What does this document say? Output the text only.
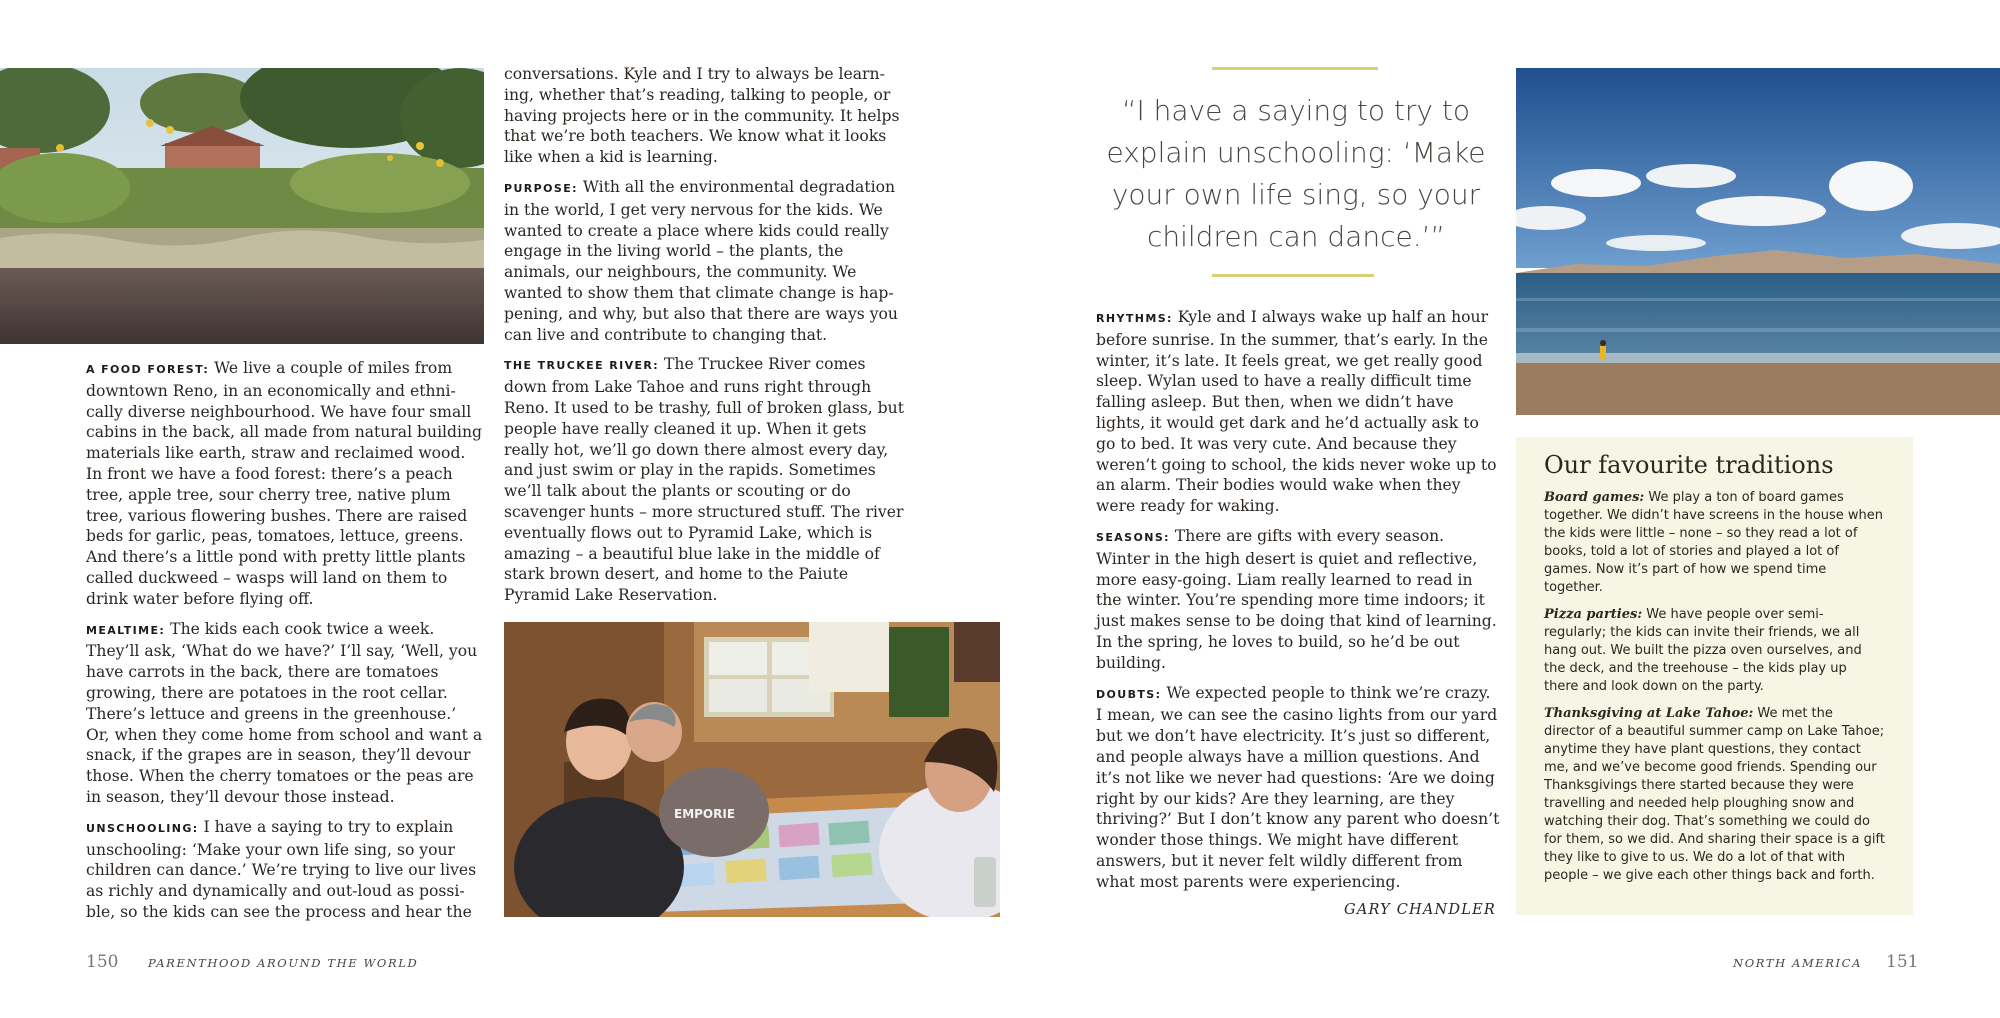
A FOOD FOREST: We live a couple of miles from downtown Reno, in an economically and ethnically diverse neighbourhood. We have four small cabins in the back, all made from natural building materials like earth, straw and reclaimed wood. In front we have a food forest: there’s a peach tree, apple tree, sour cherry tree, native plum tree, various flowering bushes. There are raised beds for garlic, peas, tomatoes, lettuce, greens. And there’s a little pond with pretty little plants called duckweed – wasps will land on them to drink water before flying off.

MEALTIME: The kids each cook twice a week. They’ll ask, ‘What do we have?’ I’ll say, ‘Well, you have carrots in the back, there are tomatoes growing, there are potatoes in the root cellar. There’s lettuce and greens in the greenhouse.’ Or, when they come home from school and want a snack, if the grapes are in season, they’ll devour those. When the cherry tomatoes or the peas are in season, they’ll devour those instead.

UNSCHOOLING: I have a saying to try to explain unschooling: ‘Make your own life sing, so your children can dance.’ We’re trying to live our lives as richly and dynamically and out-loud as possible, so the kids can see the process and hear the

conversations. Kyle and I try to always be learning, whether that’s reading, talking to people, or having projects here or in the community. It helps that we’re both teachers. We know what it looks like when a kid is learning.

PURPOSE: With all the environmental degradation in the world, I get very nervous for the kids. We wanted to create a place where kids could really engage in the living world – the plants, the animals, our neighbours, the community. We wanted to show them that climate change is happening, and why, but also that there are ways you can live and contribute to changing that.

THE TRUCKEE RIVER: The Truckee River comes down from Lake Tahoe and runs right through Reno. It used to be trashy, full of broken glass, but people have really cleaned it up. When it gets really hot, we’ll go down there almost every day, and just swim or play in the rapids. Sometimes we’ll talk about the plants or scouting or do scavenger hunts – more structured stuff. The river eventually flows out to Pyramid Lake, which is amazing – a beautiful blue lake in the middle of stark brown desert, and home to the Paiute Pyramid Lake Reservation.

EMPORIE
150	PARENTHOOD AROUND THE WORLD
“I have a saying to try to explain unschooling: ‘Make your own life sing, so your children can dance.’”

RHYTHMS: Kyle and I always wake up half an hour before sunrise. In the summer, that’s early. In the winter, it’s late. It feels great, we get really good sleep. Wylan used to have a really difficult time falling asleep. But then, when we didn’t have lights, it would get dark and he’d actually ask to go to bed. It was very cute. And because they weren’t going to school, the kids never woke up to an alarm. Their bodies would wake when they were ready for waking.

SEASONS: There are gifts with every season. Winter in the high desert is quiet and reflective, more easy-going. Liam really learned to read in the winter. You’re spending more time indoors; it just makes sense to be doing that kind of learning. In the spring, he loves to build, so he’d be out building.

DOUBTS: We expected people to think we’re crazy. I mean, we can see the casino lights from our yard but we don’t have electricity. It’s just so different, and people always have a million questions. And it’s not like we never had questions: ‘Are we doing right by our kids? Are they learning, are they thriving?’ But I don’t know any parent who doesn’t wonder those things. We might have different answers, but it never felt wildly different from what most parents were experiencing.

GARY CHANDLER
Our favourite traditions

Board games: We play a ton of board games together. We didn’t have screens in the house when the kids were little – none – so they read a lot of books, told a lot of stories and played a lot of games. Now it’s part of how we spend time together.

Pizza parties: We have people over semi-regularly; the kids can invite their friends, we all hang out. We built the pizza oven ourselves, and the deck, and the treehouse – the kids play up there and look down on the party.

Thanksgiving at Lake Tahoe: We met the director of a beautiful summer camp on Lake Tahoe; anytime they have plant questions, they contact me, and we’ve become good friends. Spending our Thanksgivings there started because they were travelling and needed help ploughing snow and watching their dog. That’s something we could do for them, so we did. And sharing their space is a gift they like to give to us. We do a lot of that with people – we give each other things back and forth.

NORTH AMERICA 151
